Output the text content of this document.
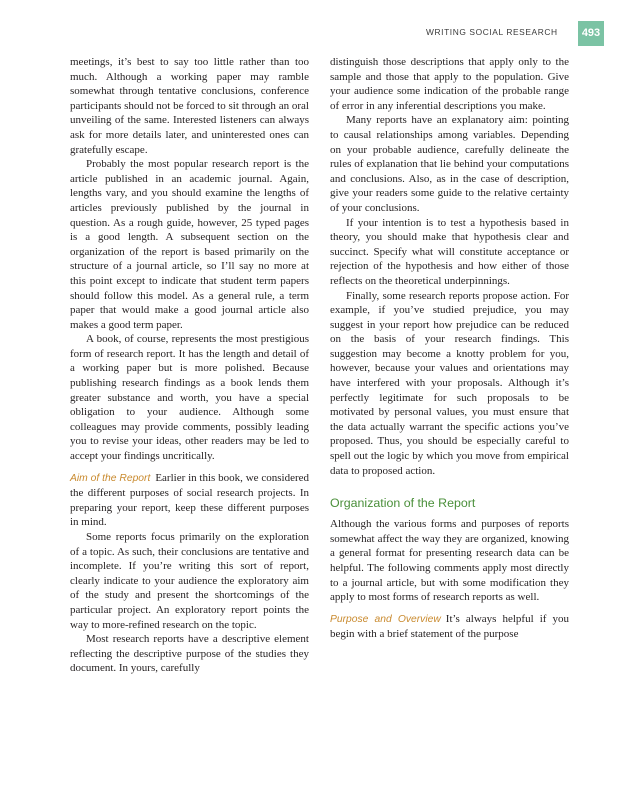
WRITING SOCIAL RESEARCH	493

meetings, it’s best to say too little rather than too much. Although a working paper may ramble somewhat through tentative conclusions, conference participants should not be forced to sit through an oral unveiling of the same. Interested listeners can always ask for more details later, and uninterested ones can gratefully escape.

Probably the most popular research report is the article published in an academic journal. Again, lengths vary, and you should examine the lengths of articles previously published by the journal in question. As a rough guide, however, 25 typed pages is a good length. A subsequent section on the organization of the report is based primarily on the structure of a journal article, so I’ll say no more at this point except to indicate that student term papers should follow this model. As a general rule, a term paper that would make a good journal article also makes a good term paper.

A book, of course, represents the most prestigious form of research report. It has the length and detail of a working paper but is more polished. Because publishing research findings as a book lends them greater substance and worth, you have a special obligation to your audience. Although some colleagues may provide comments, possibly leading you to revise your ideas, other readers may be led to accept your findings uncritically.

Aim of the Report Earlier in this book, we considered the different purposes of social research projects. In preparing your report, keep these different purposes in mind.

Some reports focus primarily on the exploration of a topic. As such, their conclusions are tentative and incomplete. If you’re writing this sort of report, clearly indicate to your audience the exploratory aim of the study and present the shortcomings of the particular project. An exploratory report points the way to more-refined research on the topic.

Most research reports have a descriptive element reflecting the descriptive purpose of the studies they document. In yours, carefully

distinguish those descriptions that apply only to the sample and those that apply to the population. Give your audience some indication of the probable range of error in any inferential descriptions you make.

Many reports have an explanatory aim: pointing to causal relationships among variables. Depending on your probable audience, carefully delineate the rules of explanation that lie behind your computations and conclusions. Also, as in the case of description, give your readers some guide to the relative certainty of your conclusions.

If your intention is to test a hypothesis based in theory, you should make that hypothesis clear and succinct. Specify what will constitute acceptance or rejection of the hypothesis and how either of those reflects on the theoretical underpinnings.

Finally, some research reports propose action. For example, if you’ve studied prejudice, you may suggest in your report how prejudice can be reduced on the basis of your research findings. This suggestion may become a knotty problem for you, however, because your values and orientations may have interfered with your proposals. Although it’s perfectly legitimate for such proposals to be motivated by personal values, you must ensure that the data actually warrant the specific actions you’ve proposed. Thus, you should be especially careful to spell out the logic by which you move from empirical data to proposed action.

Organization of the Report

Although the various forms and purposes of reports somewhat affect the way they are organized, knowing a general format for presenting research data can be helpful. The following comments apply most directly to a journal article, but with some modification they apply to most forms of research reports as well.

Purpose and Overview It’s always helpful if you begin with a brief statement of the purpose
